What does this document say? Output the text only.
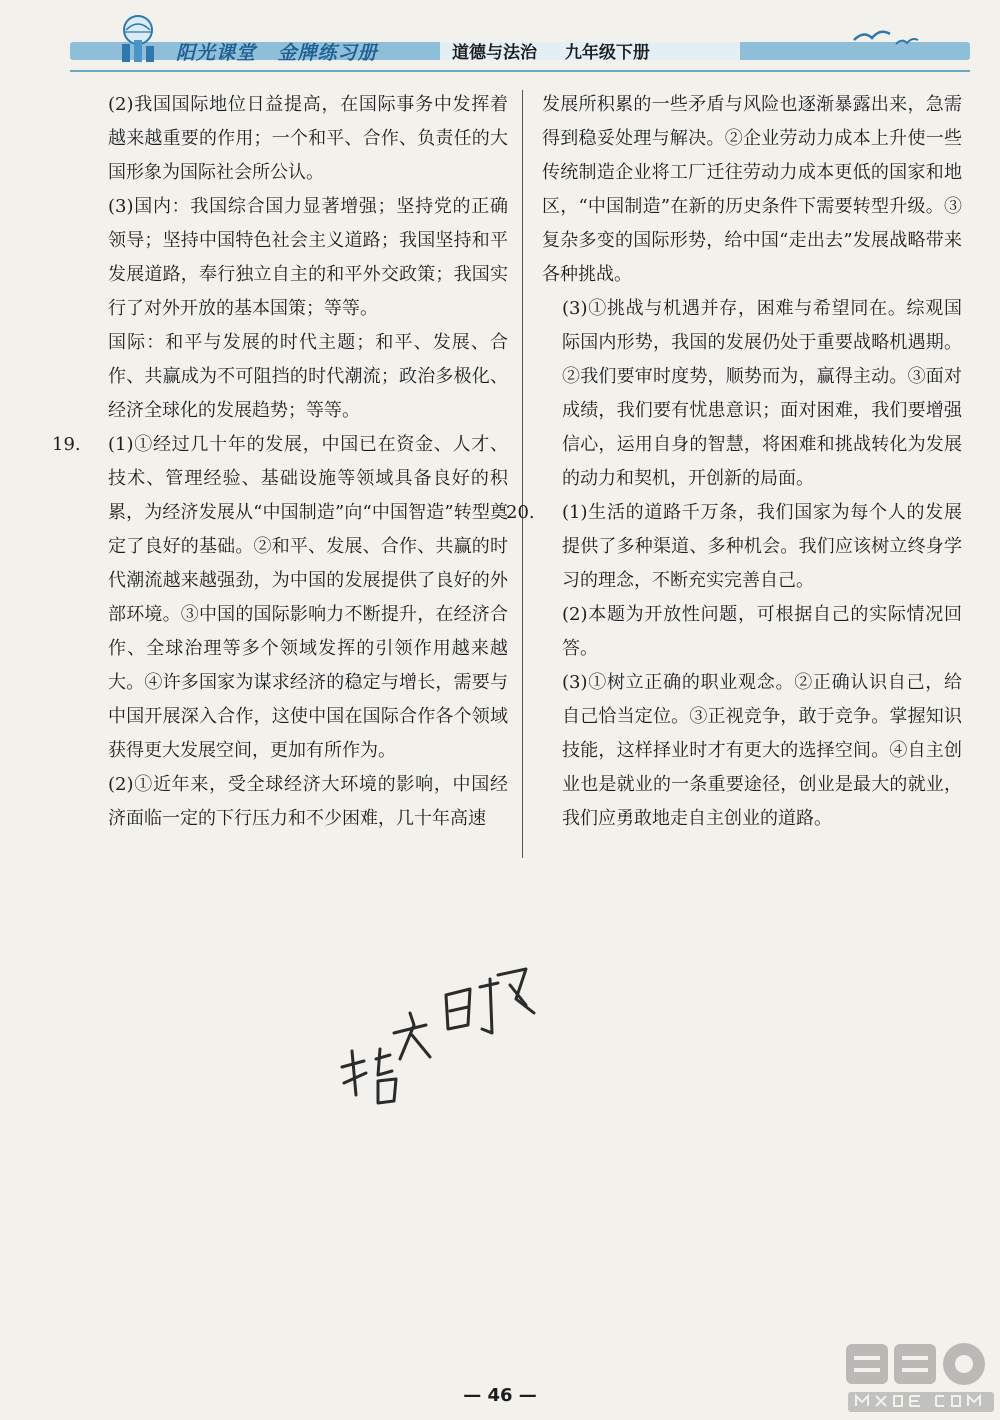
阳光课堂 金牌练习册	道德与法治 九年级下册
(2)我国国际地位日益提高，在国际事务中发挥着越来越重要的作用；一个和平、合作、负责任的大国形象为国际社会所公认。
(3)国内：我国综合国力显著增强；坚持党的正确领导；坚持中国特色社会主义道路；我国坚持和平发展道路，奉行独立自主的和平外交政策；我国实行了对外开放的基本国策；等等。
国际：和平与发展的时代主题；和平、发展、合作、共赢成为不可阻挡的时代潮流；政治多极化、经济全球化的发展趋势；等等。
19.	(1)①经过几十年的发展，中国已在资金、人才、技术、管理经验、基础设施等领域具备良好的积累，为经济发展从“中国制造”向“中国智造”转型奠定了良好的基础。②和平、发展、合作、共赢的时代潮流越来越强劲，为中国的发展提供了良好的外部环境。③中国的国际影响力不断提升，在经济合作、全球治理等多个领域发挥的引领作用越来越大。④许多国家为谋求经济的稳定与增长，需要与中国开展深入合作，这使中国在国际合作各个领域获得更大发展空间，更加有所作为。
(2)①近年来，受全球经济大环境的影响，中国经济面临一定的下行压力和不少困难，几十年高速
发展所积累的一些矛盾与风险也逐渐暴露出来，急需得到稳妥处理与解决。②企业劳动力成本上升使一些传统制造企业将工厂迁往劳动力成本更低的国家和地区，“中国制造”在新的历史条件下需要转型升级。③复杂多变的国际形势，给中国“走出去”发展战略带来各种挑战。
(3)①挑战与机遇并存，困难与希望同在。综观国际国内形势，我国的发展仍处于重要战略机遇期。②我们要审时度势，顺势而为，赢得主动。③面对成绩，我们要有忧患意识；面对困难，我们要增强信心，运用自身的智慧，将困难和挑战转化为发展的动力和契机，开创新的局面。
20.	(1)生活的道路千万条，我们国家为每个人的发展提供了多种渠道、多种机会。我们应该树立终身学习的理念，不断充实完善自己。
(2)本题为开放性问题，可根据自己的实际情况回答。
(3)①树立正确的职业观念。②正确认识自己，给自己恰当定位。③正视竞争，敢于竞争。掌握知识技能，这样择业时才有更大的选择空间。④自主创业也是就业的一条重要途径，创业是最大的就业，我们应勇敢地走自主创业的道路。
— 46 —
